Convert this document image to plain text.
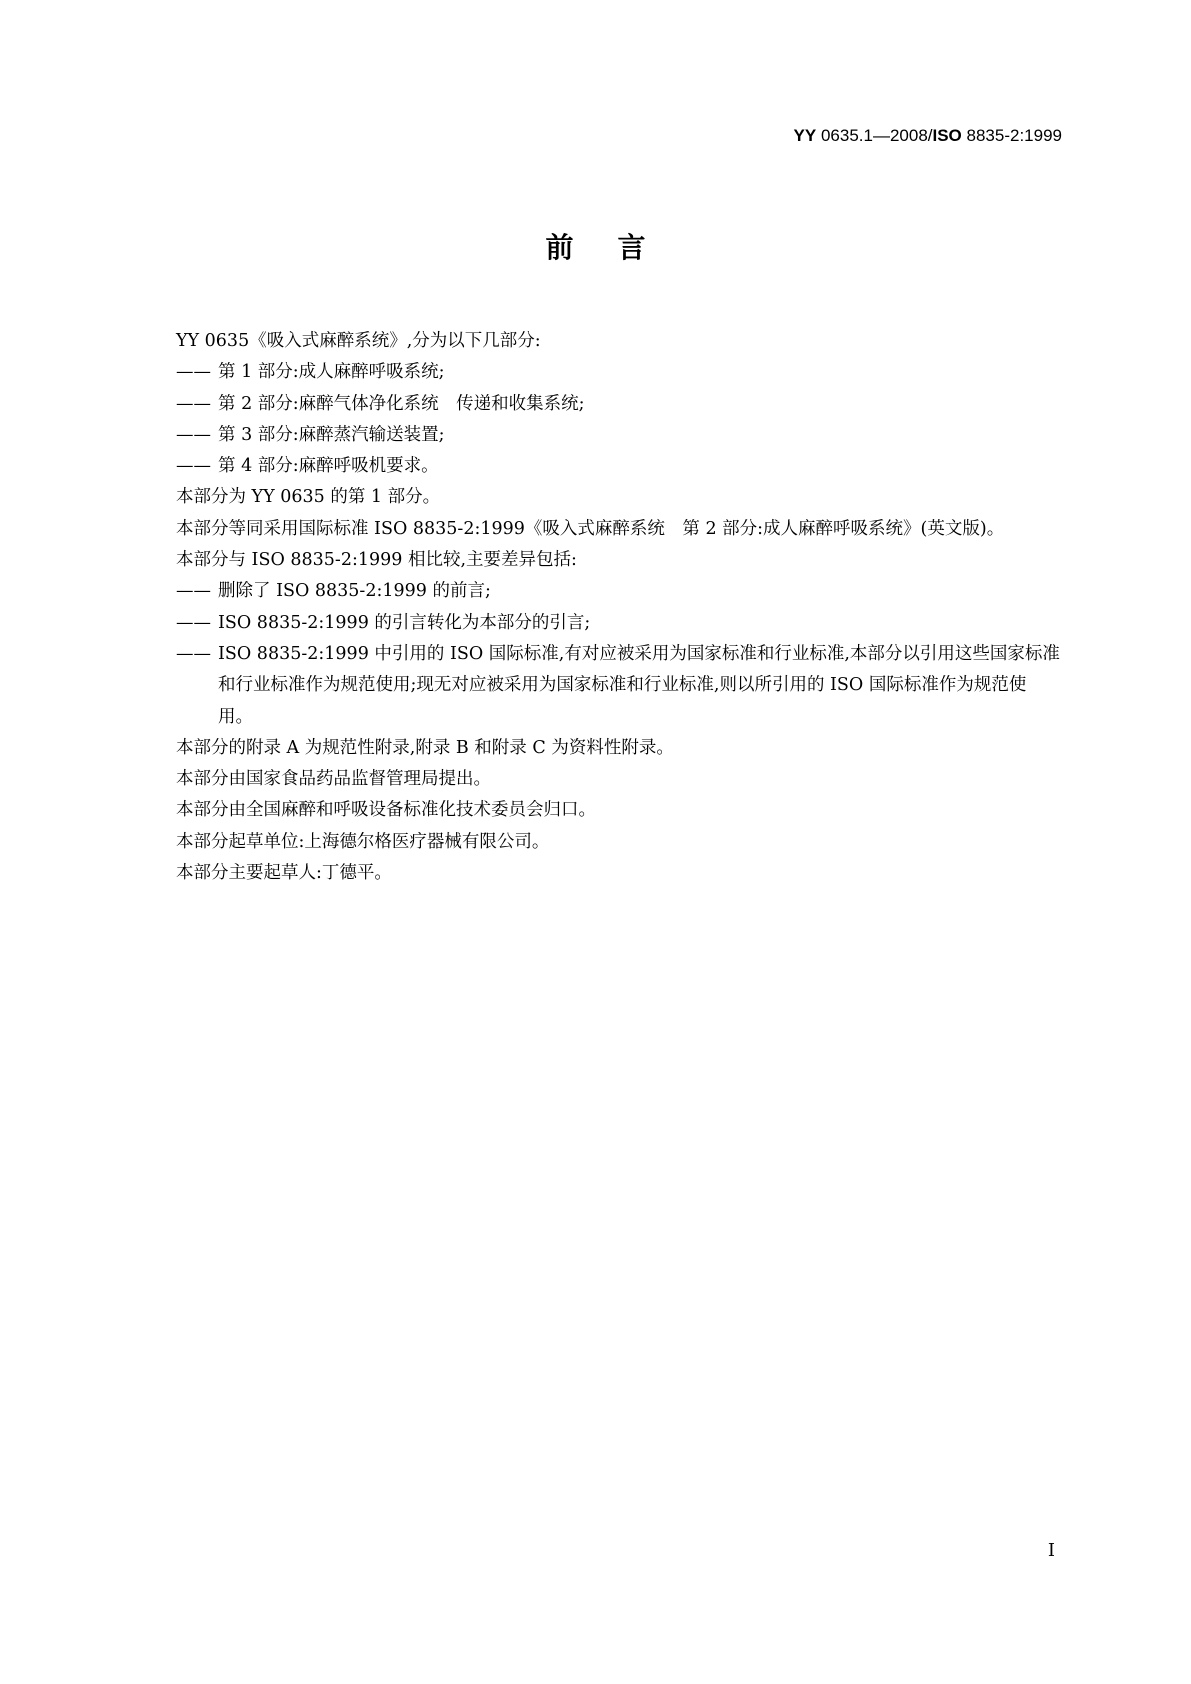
YY 0635.1—2008/ISO 8835-2:1999
前言
YY 0635《吸入式麻醉系统》,分为以下几部分:
—— 第 1 部分:成人麻醉呼吸系统;
—— 第 2 部分:麻醉气体净化系统　传递和收集系统;
—— 第 3 部分:麻醉蒸汽输送装置;
—— 第 4 部分:麻醉呼吸机要求。
本部分为 YY 0635 的第 1 部分。
本部分等同采用国际标准 ISO 8835-2:1999《吸入式麻醉系统　第 2 部分:成人麻醉呼吸系统》(英文版)。
本部分与 ISO 8835-2:1999 相比较,主要差异包括:
—— 删除了 ISO 8835-2:1999 的前言;
—— ISO 8835-2:1999 的引言转化为本部分的引言;
—— ISO 8835-2:1999 中引用的 ISO 国际标准,有对应被采用为国家标准和行业标准,本部分以引用这些国家标准和行业标准作为规范使用;现无对应被采用为国家标准和行业标准,则以所引用的 ISO 国际标准作为规范使用。
本部分的附录 A 为规范性附录,附录 B 和附录 C 为资料性附录。
本部分由国家食品药品监督管理局提出。
本部分由全国麻醉和呼吸设备标准化技术委员会归口。
本部分起草单位:上海德尔格医疗器械有限公司。
本部分主要起草人:丁德平。
I
